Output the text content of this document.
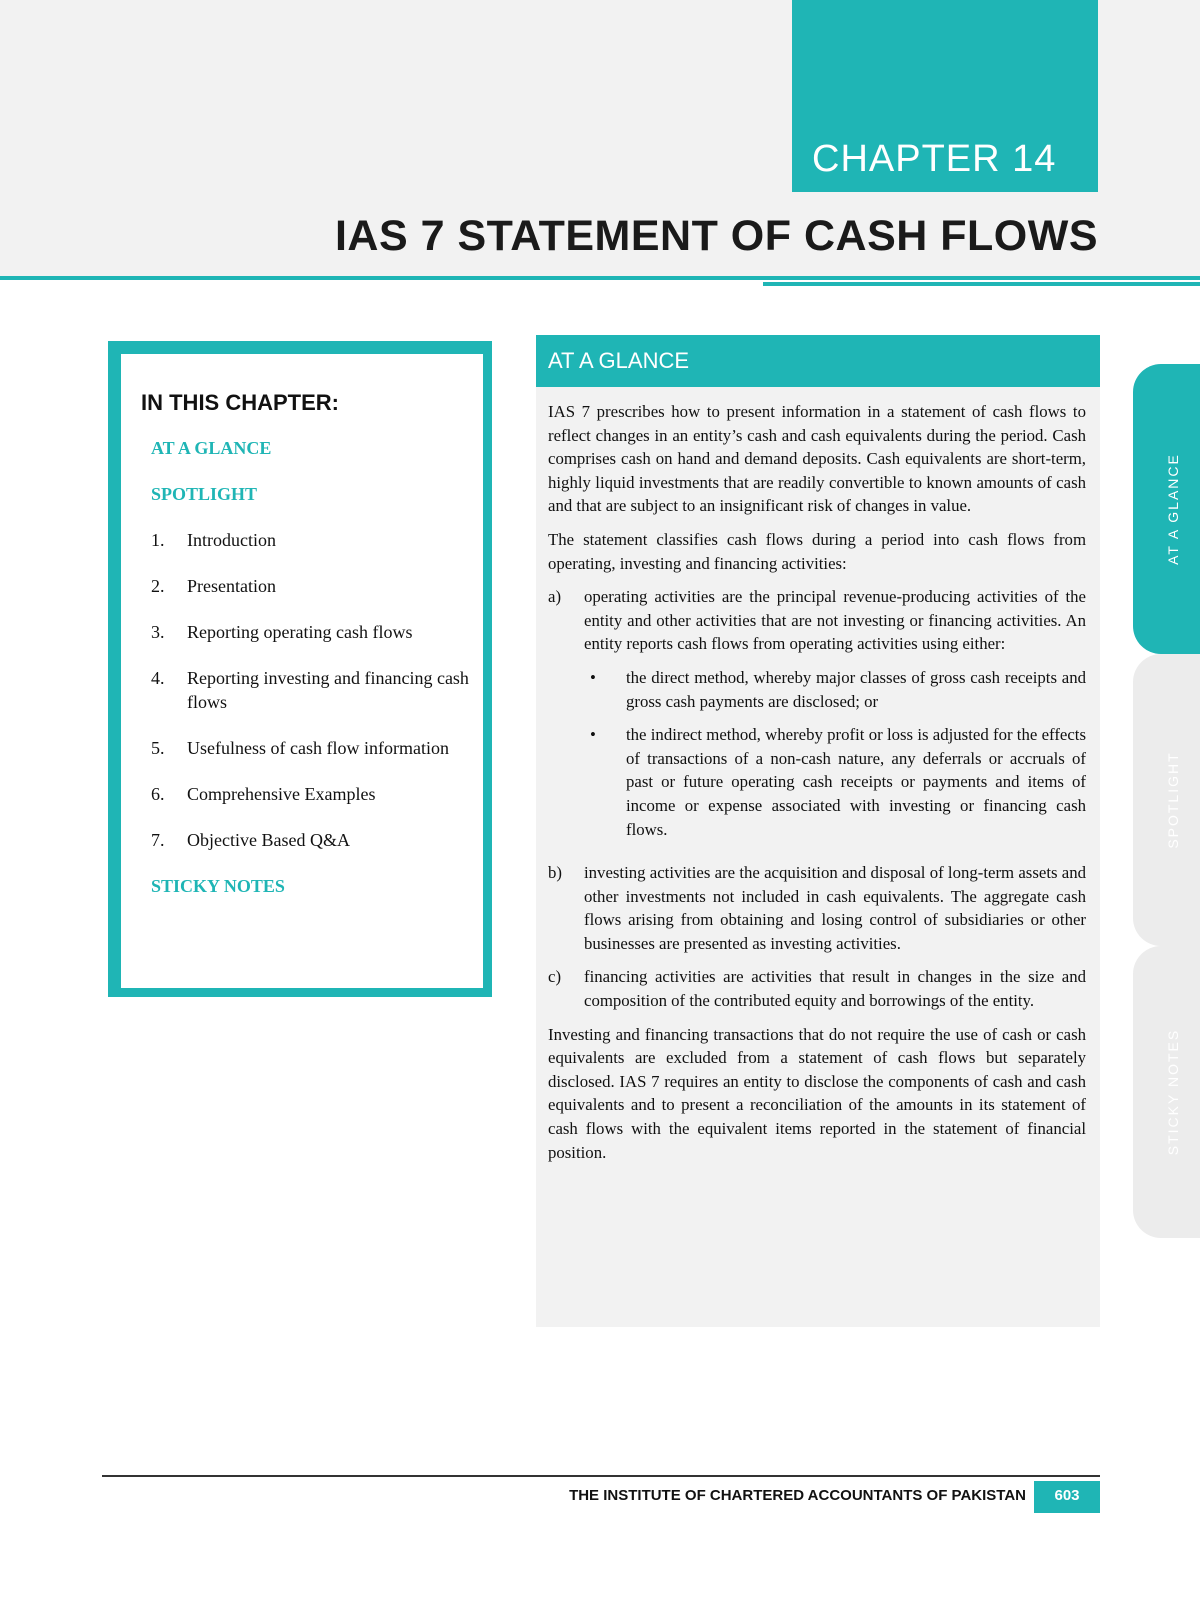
CHAPTER 14
IAS 7 STATEMENT OF CASH FLOWS
IN THIS CHAPTER:
AT A GLANCE
SPOTLIGHT
1.	Introduction
2.	Presentation
3.	Reporting operating cash flows
4.	Reporting investing and financing cash flows
5.	Usefulness of cash flow information
6.	Comprehensive Examples
7.	Objective Based Q&A
STICKY NOTES
AT A GLANCE

IAS 7 prescribes how to present information in a statement of cash flows to reflect changes in an entity’s cash and cash equivalents during the period. Cash comprises cash on hand and demand deposits. Cash equivalents are short-term, highly liquid investments that are readily convertible to known amounts of cash and that are subject to an insignificant risk of changes in value.

The statement classifies cash flows during a period into cash flows from operating, investing and financing activities:

a)	operating activities are the principal revenue-producing activities of the entity and other activities that are not investing or financing activities. An entity reports cash flows from operating activities using either:
•	the direct method, whereby major classes of gross cash receipts and gross cash payments are disclosed; or
•	the indirect method, whereby profit or loss is adjusted for the effects of transactions of a non-cash nature, any deferrals or accruals of past or future operating cash receipts or payments and items of income or expense associated with investing or financing cash flows.
b)	investing activities are the acquisition and disposal of long-term assets and other investments not included in cash equivalents. The aggregate cash flows arising from obtaining and losing control of subsidiaries or other businesses are presented as investing activities.
c)	financing activities are activities that result in changes in the size and composition of the contributed equity and borrowings of the entity.

Investing and financing transactions that do not require the use of cash or cash equivalents are excluded from a statement of cash flows but separately disclosed. IAS 7 requires an entity to disclose the components of cash and cash equivalents and to present a reconciliation of the amounts in its statement of cash flows with the equivalent items reported in the statement of financial position.

AT A GLANCE
SPOTLIGHT
STICKY NOTES
THE INSTITUTE OF CHARTERED ACCOUNTANTS OF PAKISTAN	603
